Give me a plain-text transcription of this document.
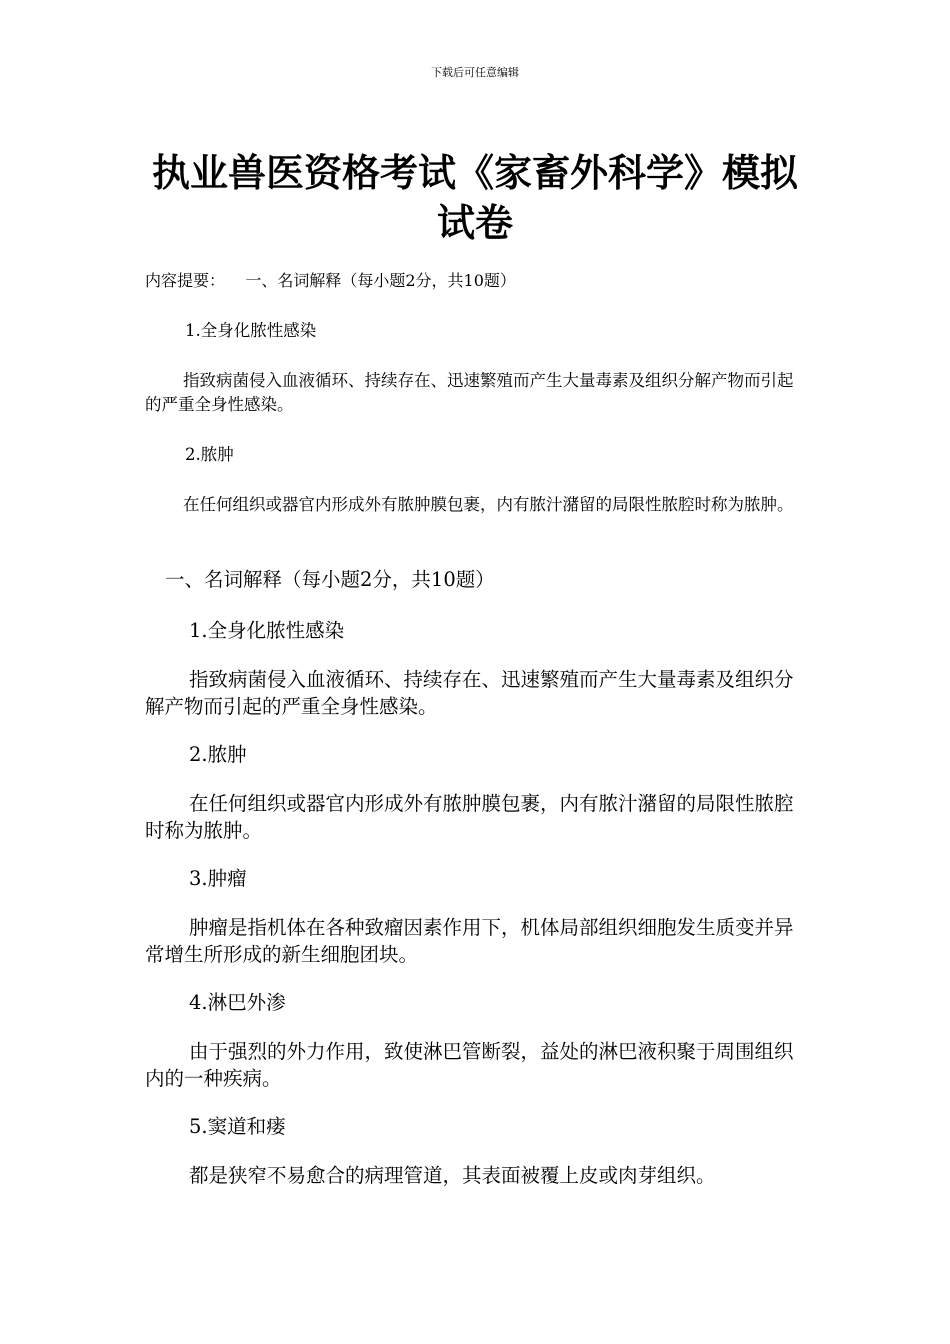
下载后可任意编辑
执业兽医资格考试《家畜外科学》模拟试卷
内容提要： 一、名词解释（每小题2分，共10题）

1.全身化脓性感染

指致病菌侵入血液循环、持续存在、迅速繁殖而产生大量毒素及组织分解产物而引起的严重全身性感染。

2.脓肿

在任何组织或器官内形成外有脓肿膜包裹，内有脓汁潴留的局限性脓腔时称为脓肿。

一、名词解释（每小题2分，共10题）

1.全身化脓性感染

指致病菌侵入血液循环、持续存在、迅速繁殖而产生大量毒素及组织分解产物而引起的严重全身性感染。

2.脓肿

在任何组织或器官内形成外有脓肿膜包裹，内有脓汁潴留的局限性脓腔时称为脓肿。

3.肿瘤

肿瘤是指机体在各种致瘤因素作用下，机体局部组织细胞发生质变并异常增生所形成的新生细胞团块。

4.淋巴外渗

由于强烈的外力作用，致使淋巴管断裂，益处的淋巴液积聚于周围组织内的一种疾病。

5.窦道和瘘

都是狭窄不易愈合的病理管道，其表面被覆上皮或肉芽组织。
